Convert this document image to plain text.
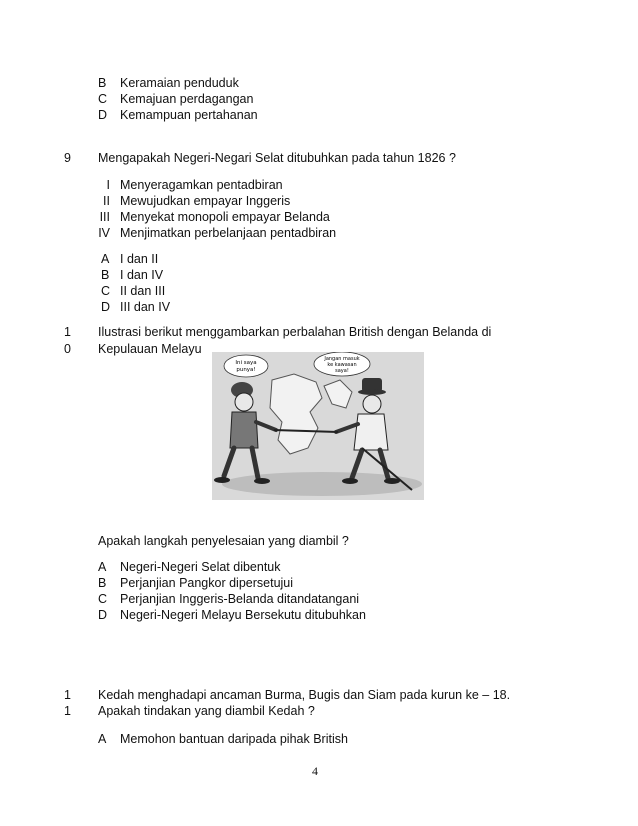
B	Keramaian penduduk
C	Kemajuan perdagangan
D	Kemampuan pertahanan
9	Mengapakah Negeri-Negari Selat ditubuhkan pada tahun 1826 ?
I Menyeragamkan pentadbiran
II Mewujudkan empayar Inggeris
III Menyekat monopoli empayar Belanda
IV Menjimatkan perbelanjaan pentadbiran
A I dan II
B I dan IV
C II dan III
D III dan IV
1	Ilustrasi berikut menggambarkan perbalahan British dengan Belanda di
0	Kepulauan Melayu
Ini saya
punya!
Jangan masuk
ke kawasan
saya!
Apakah langkah penyelesaian yang diambil ?
A	Negeri-Negeri Selat dibentuk
B	Perjanjian Pangkor dipersetujui
C	Perjanjian Inggeris-Belanda ditandatangani
D	Negeri-Negeri Melayu Bersekutu ditubuhkan
1	Kedah menghadapi ancaman Burma, Bugis dan Siam pada kurun ke – 18.
1	Apakah tindakan yang diambil Kedah ?
A	Memohon bantuan daripada pihak British
4
